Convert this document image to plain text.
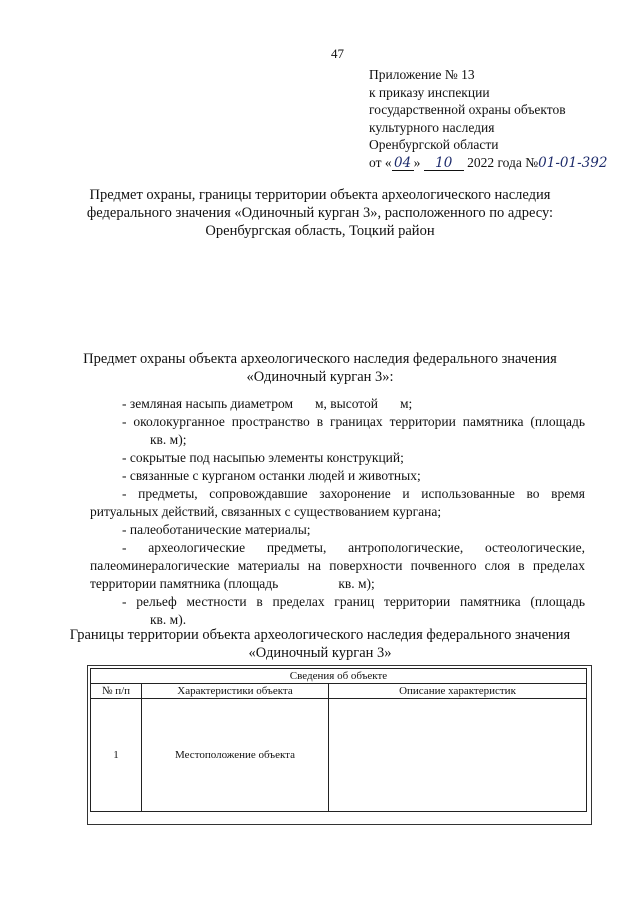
47
Приложение № 13
к приказу инспекции
государственной охраны объектов
культурного наследия
Оренбургской области
от « 04 » 10 2022 года №01-01-392
Предмет охраны, границы территории объекта археологического наследия федерального значения «Одиночный курган 3», расположенного по адресу: Оренбургская область, Тоцкий район
Предмет охраны объекта археологического наследия федерального значения «Одиночный курган 3»:

- земляная насыпь диаметром м, высотой м;

- околокурганное пространство в границах территории памятника (площадькв. м);

- сокрытые под насыпью элементы конструкций;

- связанные с курганом останки людей и животных;

- предметы, сопровождавшие захоронение и использованные во время ритуальных действий, связанных с существованием кургана;

- палеоботанические материалы;

- археологические предметы, антропологические, остеологические, палеоминералогические материалы на поверхности почвенного слоя в пределах территории памятника (площадь	кв. м);

- рельеф местности в пределах границ территории памятника (площадькв. м).

Границы территории объекта археологического наследия федерального значения «Одиночный курган 3»
Сведения об объекте		
№ п/п	Характеристики объекта	Описание характеристик
1	Местоположение объекта	
